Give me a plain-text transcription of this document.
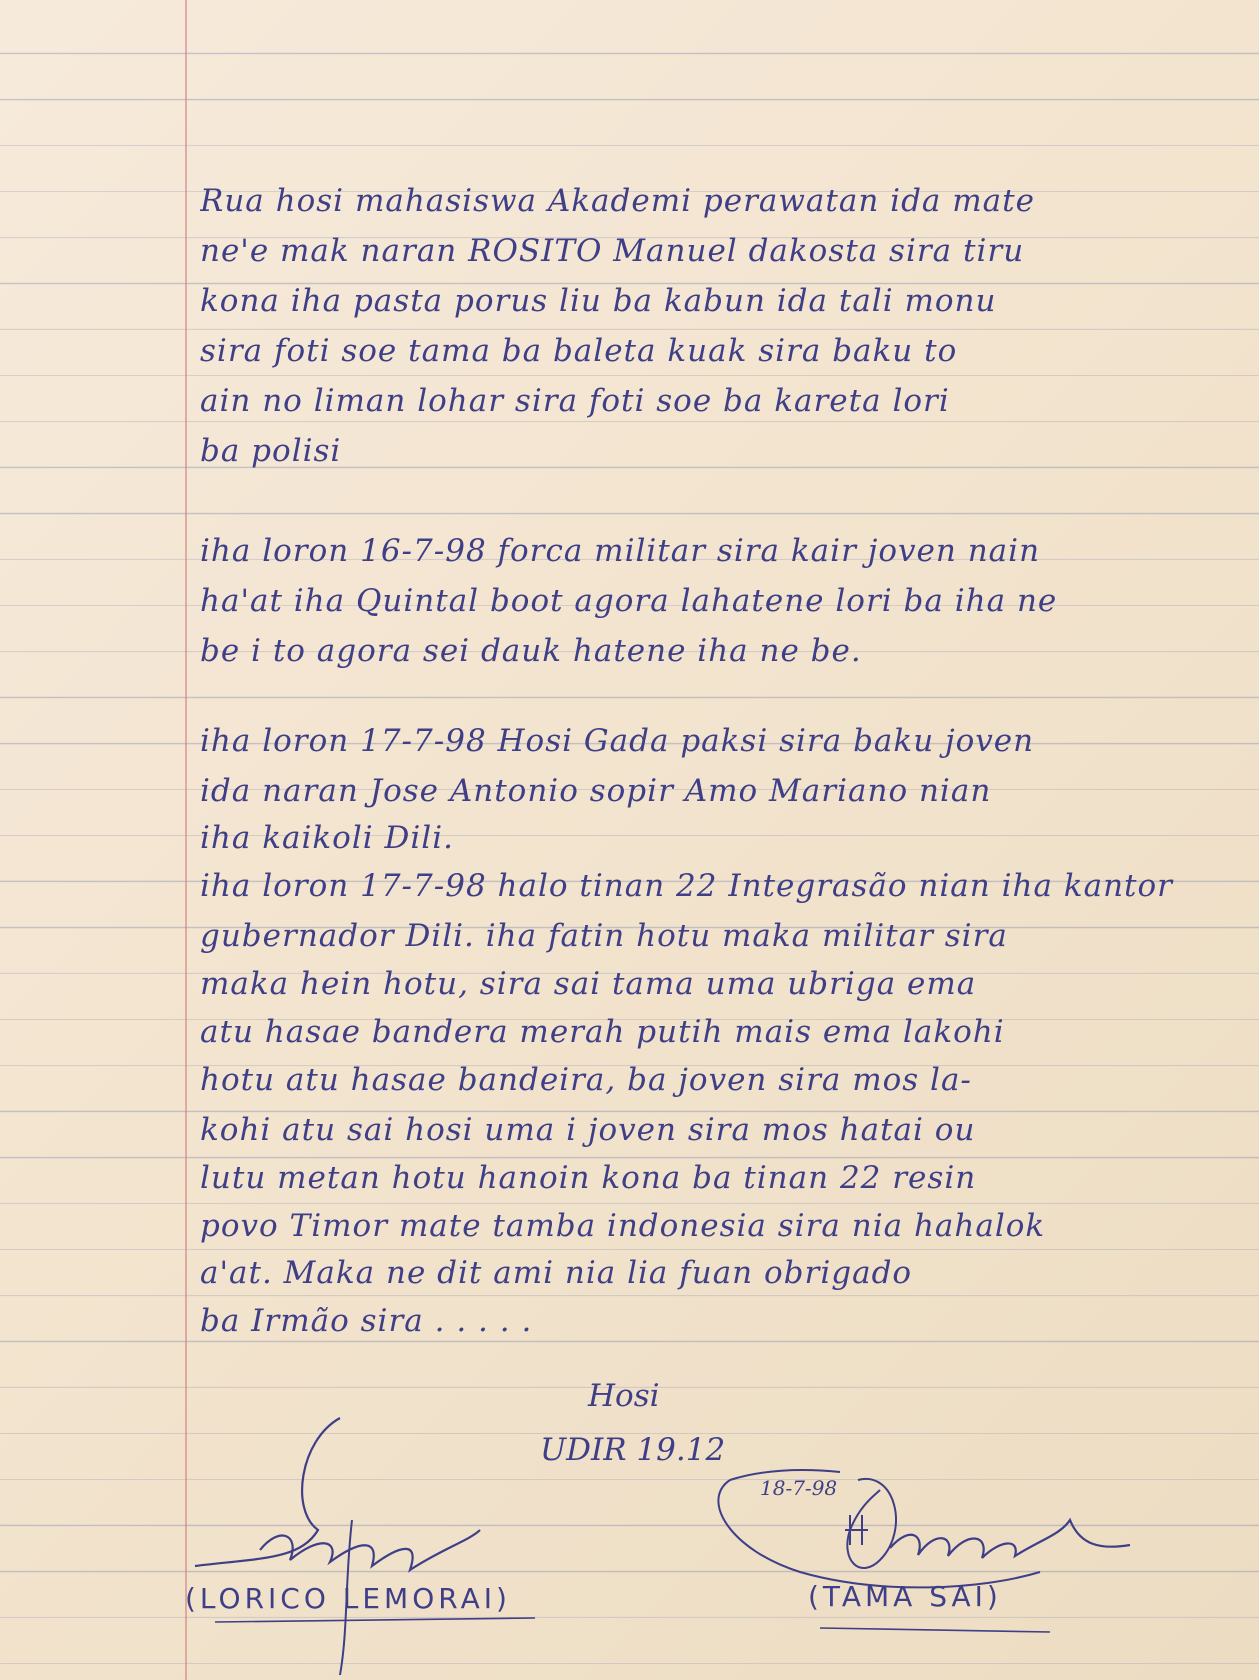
Rua hosi mahasiswa Akademi perawatan ida mate
ne'e mak naran ROSITO Manuel dakosta sira tiru
kona iha pasta porus liu ba kabun ida tali monu
sira foti soe tama ba baleta kuak sira baku to
ain no liman lohar sira foti soe ba kareta lori
ba polisi
iha loron 16-7-98 forca militar sira kair joven nain
ha'at iha Quintal boot agora lahatene lori ba iha ne
be i to agora sei dauk hatene iha ne be.
iha loron 17-7-98 Hosi Gada paksi sira baku joven
ida naran Jose Antonio sopir Amo Mariano nian
iha kaikoli Dili.
iha loron 17-7-98 halo tinan 22 Integrasão nian iha kantor
gubernador Dili. iha fatin hotu maka militar sira
maka hein hotu, sira sai tama uma ubriga ema
atu hasae bandera merah putih mais ema lakohi
hotu atu hasae bandeira, ba joven sira mos la-
kohi atu sai hosi uma i joven sira mos hatai ou
lutu metan hotu hanoin kona ba tinan 22 resin
povo Timor mate tamba indonesia sira nia hahalok
a'at. Maka ne dit ami nia lia fuan obrigado
ba Irmão sira . . . . .
Hosi
UDIR 19.12
18-7-98
(LORICO LEMORAI)	(TAMA SAI)
